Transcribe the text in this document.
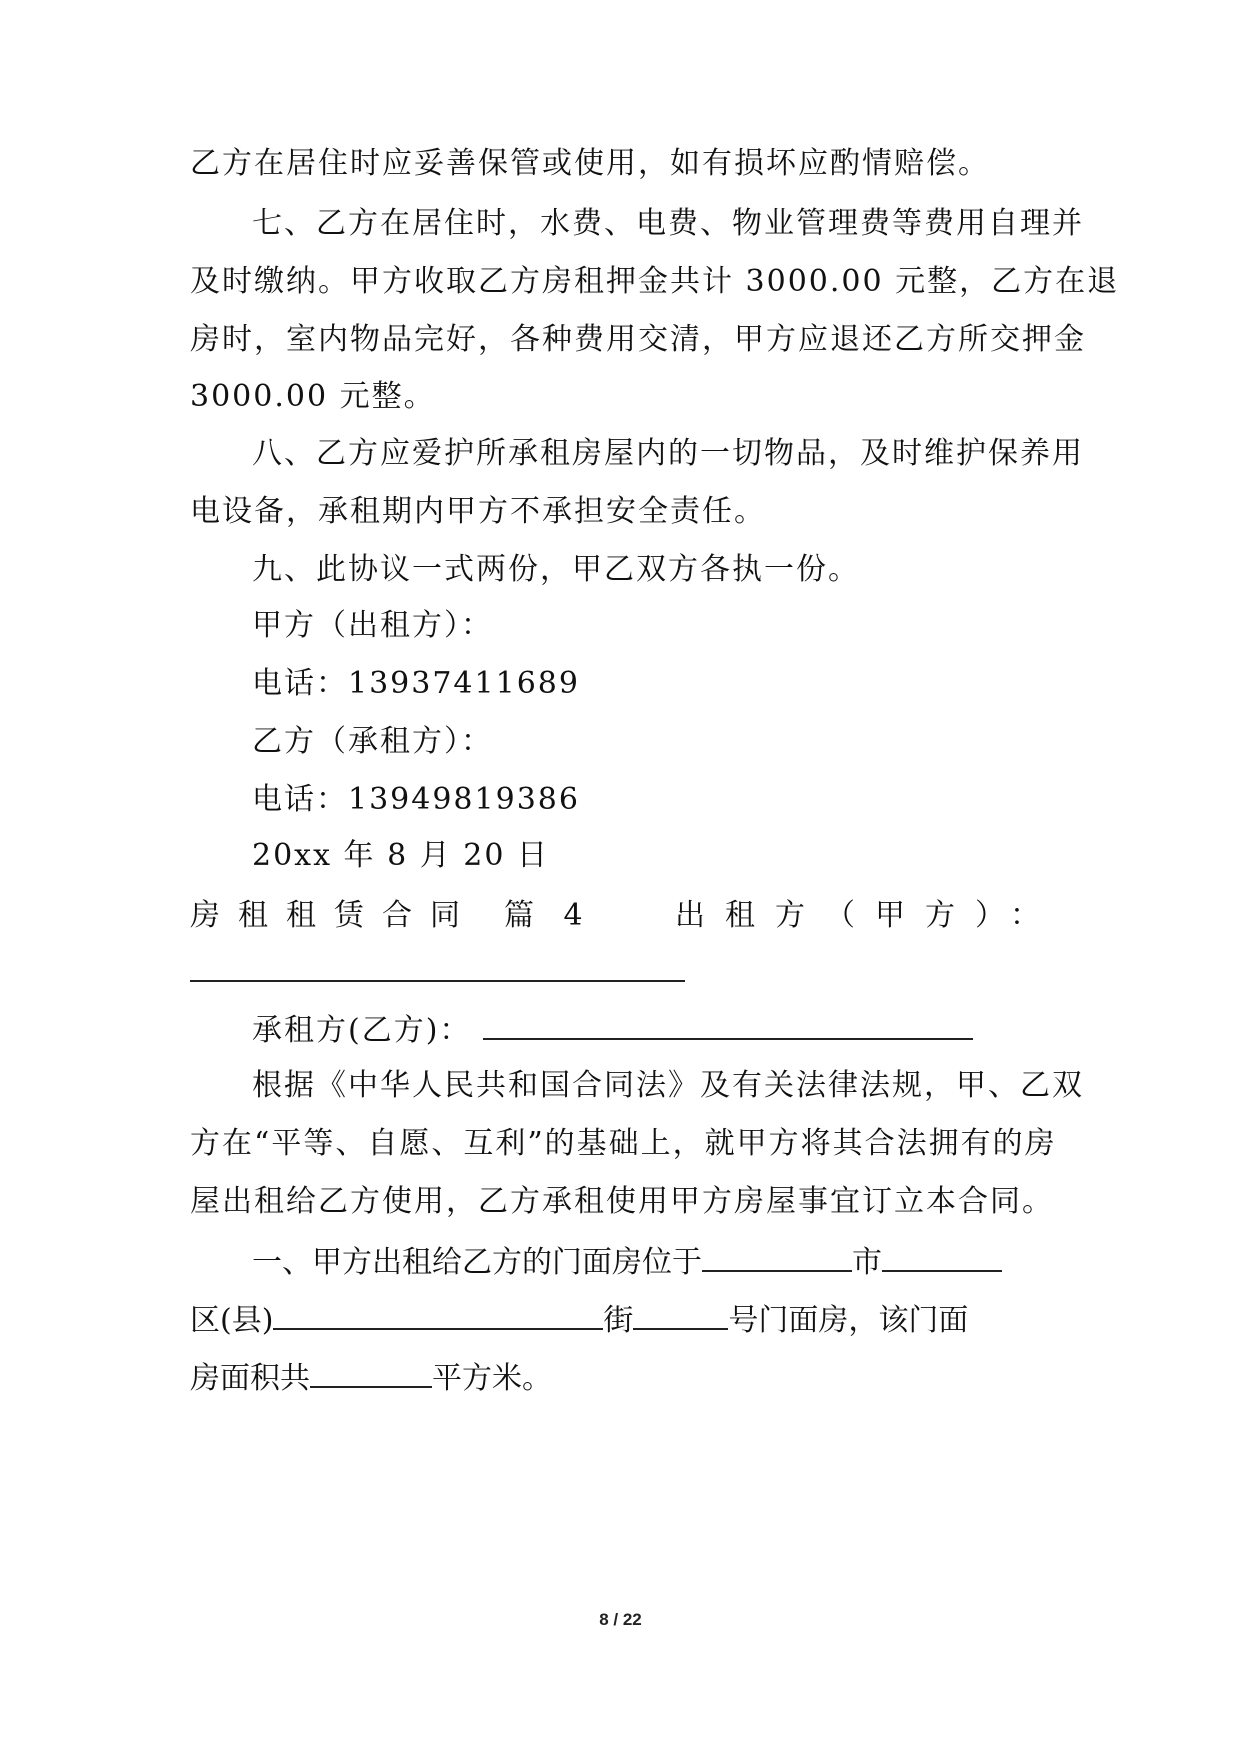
乙方在居住时应妥善保管或使用，如有损坏应酌情赔偿。
七、乙方在居住时，水费、电费、物业管理费等费用自理并
及时缴纳。甲方收取乙方房租押金共计 3000.00 元整，乙方在退
房时，室内物品完好，各种费用交清，甲方应退还乙方所交押金
3000.00 元整。
八、乙方应爱护所承租房屋内的一切物品，及时维护保养用
电设备，承租期内甲方不承担安全责任。
九、此协议一式两份，甲乙双方各执一份。
甲方（出租方）：
电话：13937411689
乙方（承租方）：
电话：13949819386
20xx 年 8 月 20 日
房租租赁合同 篇 4	出租方（甲方）：
承租方(乙方)：
根据《中华人民共和国合同法》及有关法律法规，甲、乙双
方在“平等、自愿、互利”的基础上，就甲方将其合法拥有的房
屋出租给乙方使用，乙方承租使用甲方房屋事宜订立本合同。
一、甲方出租给乙方的门面房位于	市
区(县)	街	号门面房，该门面
房面积共	平方米。
8 / 22
